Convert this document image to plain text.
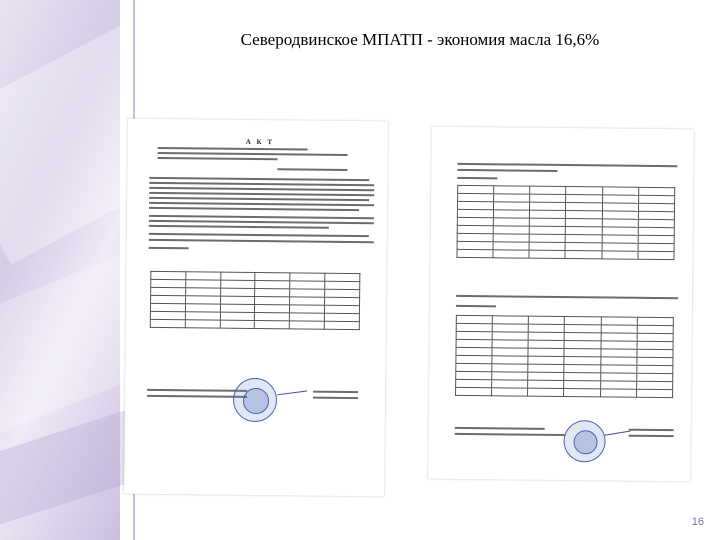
Северодвинское МПАТП - экономия масла 16,6%
А К Т

16
